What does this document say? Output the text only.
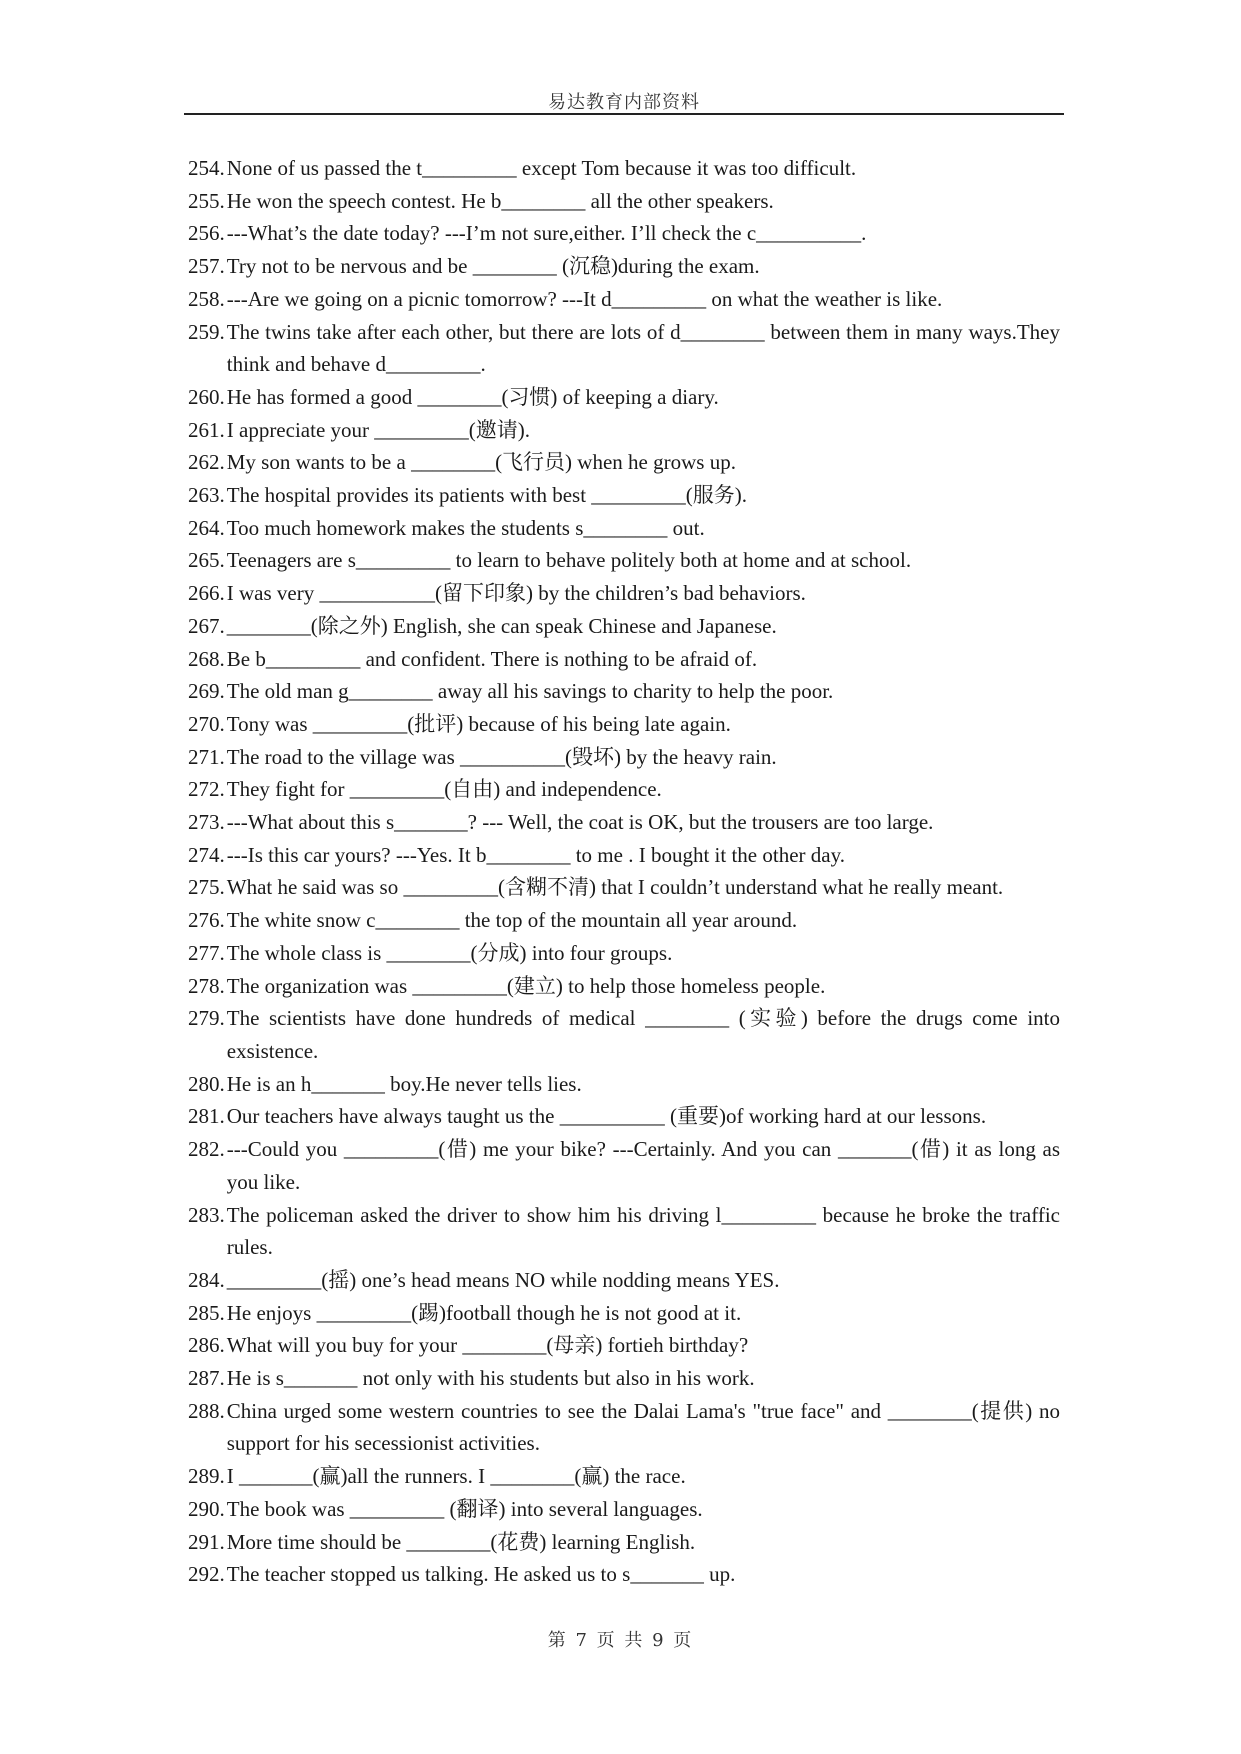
易达教育内部资料
254. None of us passed the t_________ except Tom because it was too difficult.
255. He won the speech contest. He b________ all the other speakers.
256. ---What’s the date today? ---I’m not sure,either. I’ll check the c__________.
257. Try not to be nervous and be ________ (沉稳)during the exam.
258. ---Are we going on a picnic tomorrow? ---It d_________ on what the weather is like.
259. The twins take after each other, but there are lots of d________ between them in many ways.They think and behave d_________.
260. He has formed a good ________(习惯) of keeping a diary.
261. I appreciate your _________(邀请).
262. My son wants to be a ________(飞行员) when he grows up.
263. The hospital provides its patients with best _________(服务).
264. Too much homework makes the students s________ out.
265. Teenagers are s_________ to learn to behave politely both at home and at school.
266. I was very ___________(留下印象) by the children’s bad behaviors.
267. ________(除之外) English, she can speak Chinese and Japanese.
268. Be b_________ and confident. There is nothing to be afraid of.
269. The old man g________ away all his savings to charity to help the poor.
270. Tony was _________(批评) because of his being late again.
271. The road to the village was __________(毁坏) by the heavy rain.
272. They fight for _________(自由) and independence.
273. ---What about this s_______? --- Well, the coat is OK, but the trousers are too large.
274. ---Is this car yours? ---Yes. It b________ to me . I bought it the other day.
275. What he said was so _________(含糊不清) that I couldn’t understand what he really meant.
276. The white snow c________ the top of the mountain all year around.
277. The whole class is ________(分成) into four groups.
278. The organization was _________(建立) to help those homeless people.
279. The scientists have done hundreds of medical ________ (实验) before the drugs come into exsistence.
280. He is an h_______ boy.He never tells lies.
281. Our teachers have always taught us the __________ (重要)of working hard at our lessons.
282. ---Could you _________(借) me your bike? ---Certainly. And you can _______(借) it as long as you like.
283. The policeman asked the driver to show him his driving l_________ because he broke the traffic rules.
284. _________(摇) one’s head means NO while nodding means YES.
285. He enjoys _________(踢)football though he is not good at it.
286. What will you buy for your ________(母亲) fortieh birthday?
287. He is s_______ not only with his students but also in his work.
288. China urged some western countries to see the Dalai Lama's "true face" and ________(提供) no support for his secessionist activities.
289. I _______(赢)all the runners. I ________(赢) the race.
290. The book was _________ (翻译) into several languages.
291. More time should be ________(花费) learning English.
292. The teacher stopped us talking. He asked us to s_______ up.
第 7 页 共 9 页
